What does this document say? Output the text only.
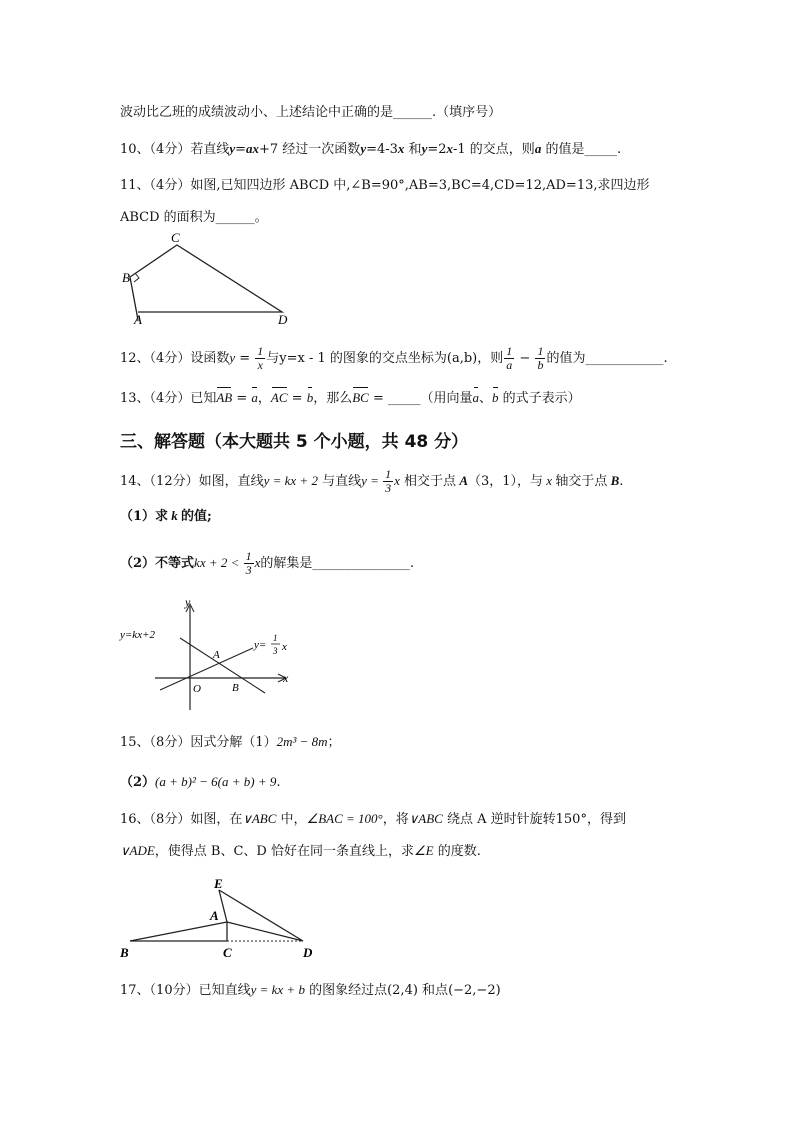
波动比乙班的成绩波动小、上述结论中正确的是______.（填序号）
10、（4分）若直线y=ax+7 经过一次函数y=4-3x 和y=2x-1 的交点，则a 的值是_____.
11、（4分）如图,已知四边形 ABCD 中,∠B=90°,AB=3,BC=4,CD=12,AD=13,求四边形
ABCD 的面积为______。
C
B
A	D
12、（4分）设函数$y = \frac{1}{x}$ 与y=x - 1 的图象的交点坐标为(a,b)，则 $\frac{1}{a} - \frac{1}{b}$ 的值为____________.
13、（4分）已知AB = a，AC = b，那么BC = _____（用向量a、b 的式子表示）
三、解答题（本大题共 5 个小题，共 48 分）
14、（12分）如图，直线y = kx + 2 与直线$y = \frac{1}{3}$ x 相交于点 A（3，1），与 x 轴交于点 B.
（1）求 k 的值;
（2）不等式kx + $2 < \frac{1}{3}$ x的解集是_______________.
y
x
O
A
B
y=kx+2
y=
1
3 x
15、（8分）因式分解（1）2m³ − 8m；
（2）(a + b)² − 6(a + b) + 9.
16、（8分）如图，在∨ABC 中，∠BAC = 100°，将∨ABC 绕点 A 逆时针旋转150°，得到
∨ADE，使得点 B、C、D 恰好在同一条直线上，求∠E 的度数.
E
A
B	C	D
17、（10分）已知直线y = kx + b 的图象经过点(2,4) 和点(−2,−2)
